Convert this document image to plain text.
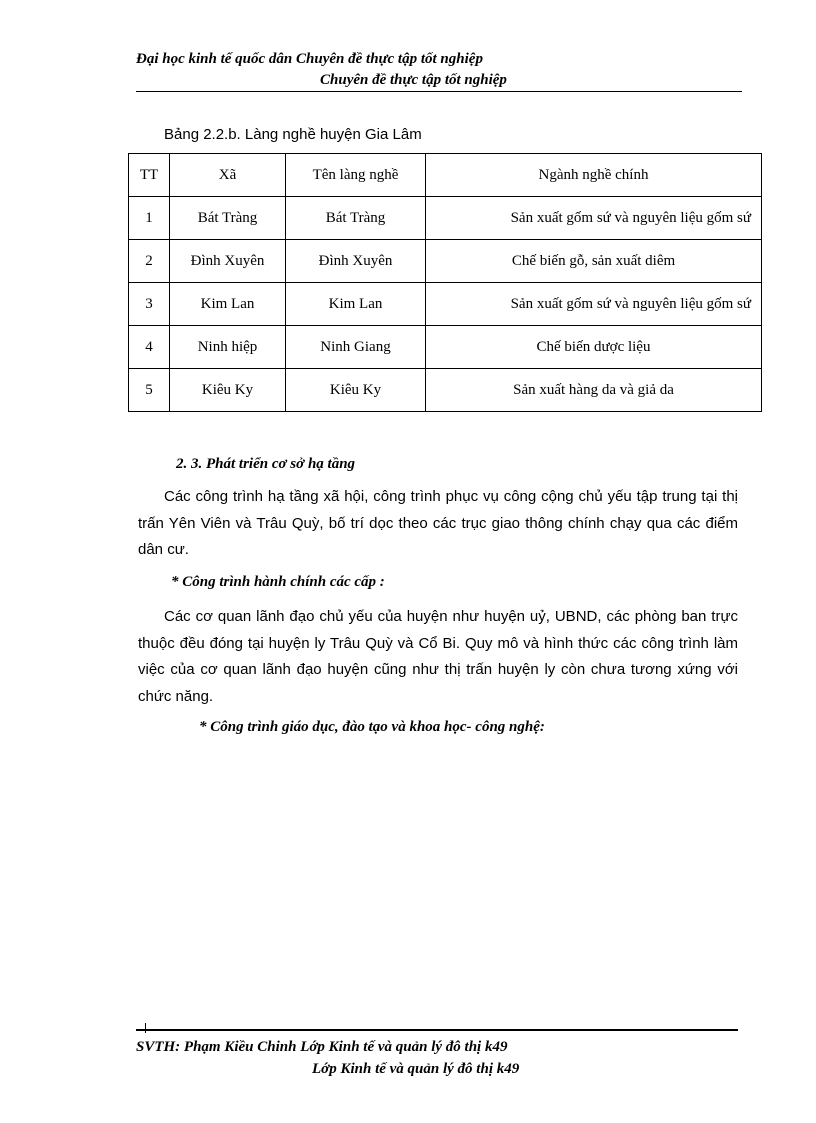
Đại học kinh tế quốc dân Chuyên đề thực tập tốt nghiệp
Chuyên đề thực tập tốt nghiệp
Bảng 2.2.b. Làng nghề huyện Gia Lâm
TT	Xã	Tên làng nghề	Ngành nghề chính
1	Bát Tràng	Bát Tràng	Sản xuất gốm sứ và nguyên liệu gốm sứ
2	Đình Xuyên	Đình Xuyên	Chế biến gỗ, sản xuất diêm
3	Kim Lan	Kim Lan	Sản xuất gốm sứ và nguyên liệu gốm sứ
4	Ninh hiệp	Ninh Giang	Chế biến dược liệu
5	Kiêu Ky	Kiêu Ky	Sản xuất hàng da và giả da
2. 3. Phát triển cơ sở hạ tầng

Các công trình hạ tầng xã hội, công trình phục vụ công cộng chủ yếu tập trung tại thị trấn Yên Viên và Trâu Quỳ, bố trí dọc theo các trục giao thông chính chạy qua các điểm dân cư.

* Công trình hành chính các cấp :

Các cơ quan lãnh đạo chủ yếu của huyện như huyện uỷ, UBND, các phòng ban trực thuộc đều đóng tại huyện ly Trâu Quỳ và Cổ Bi. Quy mô và hình thức các công trình làm việc của cơ quan lãnh đạo huyện cũng như thị trấn huyện ly còn chưa tương xứng với chức năng.

* Công trình giáo dục, đào tạo và khoa học- công nghệ:
SVTH: Phạm Kiều Chinh Lớp Kinh tế và quản lý đô thị k49
Lớp Kinh tế và quản lý đô thị k49
